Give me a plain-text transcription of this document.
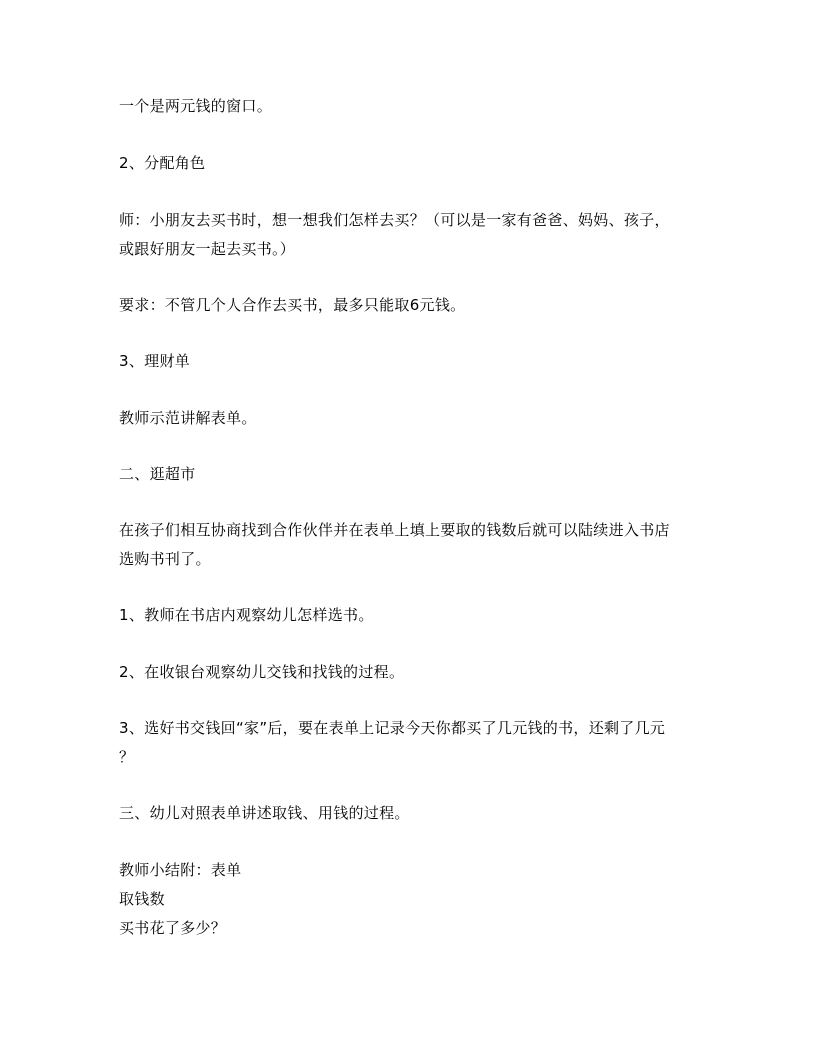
一个是两元钱的窗口。
2、分配角色
师：小朋友去买书时，想一想我们怎样去买？（可以是一家有爸爸、妈妈、孩子，
或跟好朋友一起去买书。）
要求：不管几个人合作去买书，最多只能取6元钱。
3、理财单
教师示范讲解表单。
二、逛超市
在孩子们相互协商找到合作伙伴并在表单上填上要取的钱数后就可以陆续进入书店
选购书刊了。
1、教师在书店内观察幼儿怎样选书。
2、在收银台观察幼儿交钱和找钱的过程。
3、选好书交钱回“家”后，要在表单上记录今天你都买了几元钱的书，还剩了几元
？
三、幼儿对照表单讲述取钱、用钱的过程。
教师小结附：表单
取钱数
买书花了多少？
